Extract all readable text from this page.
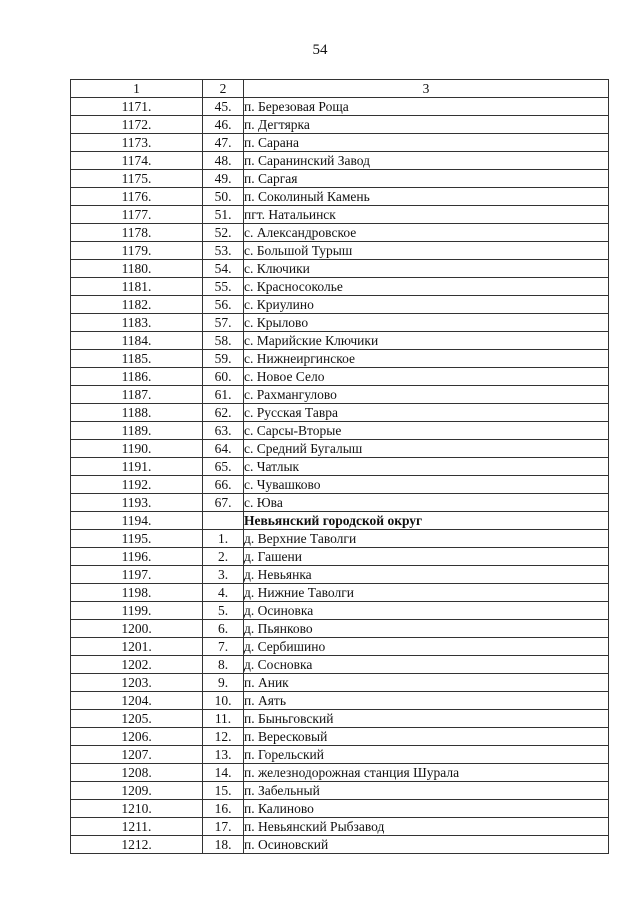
54
1	2	3
1171.	45.	п. Березовая Роща
1172.	46.	п. Дегтярка
1173.	47.	п. Сарана
1174.	48.	п. Саранинский Завод
1175.	49.	п. Саргая
1176.	50.	п. Соколиный Камень
1177.	51.	пгт. Натальинск
1178.	52.	с. Александровское
1179.	53.	с. Большой Турыш
1180.	54.	с. Ключики
1181.	55.	с. Красносоколье
1182.	56.	с. Криулино
1183.	57.	с. Крылово
1184.	58.	с. Марийские Ключики
1185.	59.	с. Нижнеиргинское
1186.	60.	с. Новое Село
1187.	61.	с. Рахмангулово
1188.	62.	с. Русская Тавра
1189.	63.	с. Сарсы-Вторые
1190.	64.	с. Средний Бугалыш
1191.	65.	с. Чатлык
1192.	66.	с. Чувашково
1193.	67.	с. Юва
1194.		Невьянский городской округ
1195.	1.	д. Верхние Таволги
1196.	2.	д. Гашени
1197.	3.	д. Невьянка
1198.	4.	д. Нижние Таволги
1199.	5.	д. Осиновка
1200.	6.	д. Пьянково
1201.	7.	д. Сербишино
1202.	8.	д. Сосновка
1203.	9.	п. Аник
1204.	10.	п. Аять
1205.	11.	п. Быньговский
1206.	12.	п. Вересковый
1207.	13.	п. Горельский
1208.	14.	п. железнодорожная станция Шурала
1209.	15.	п. Забельный
1210.	16.	п. Калиново
1211.	17.	п. Невьянский Рыбзавод
1212.	18.	п. Осиновский
